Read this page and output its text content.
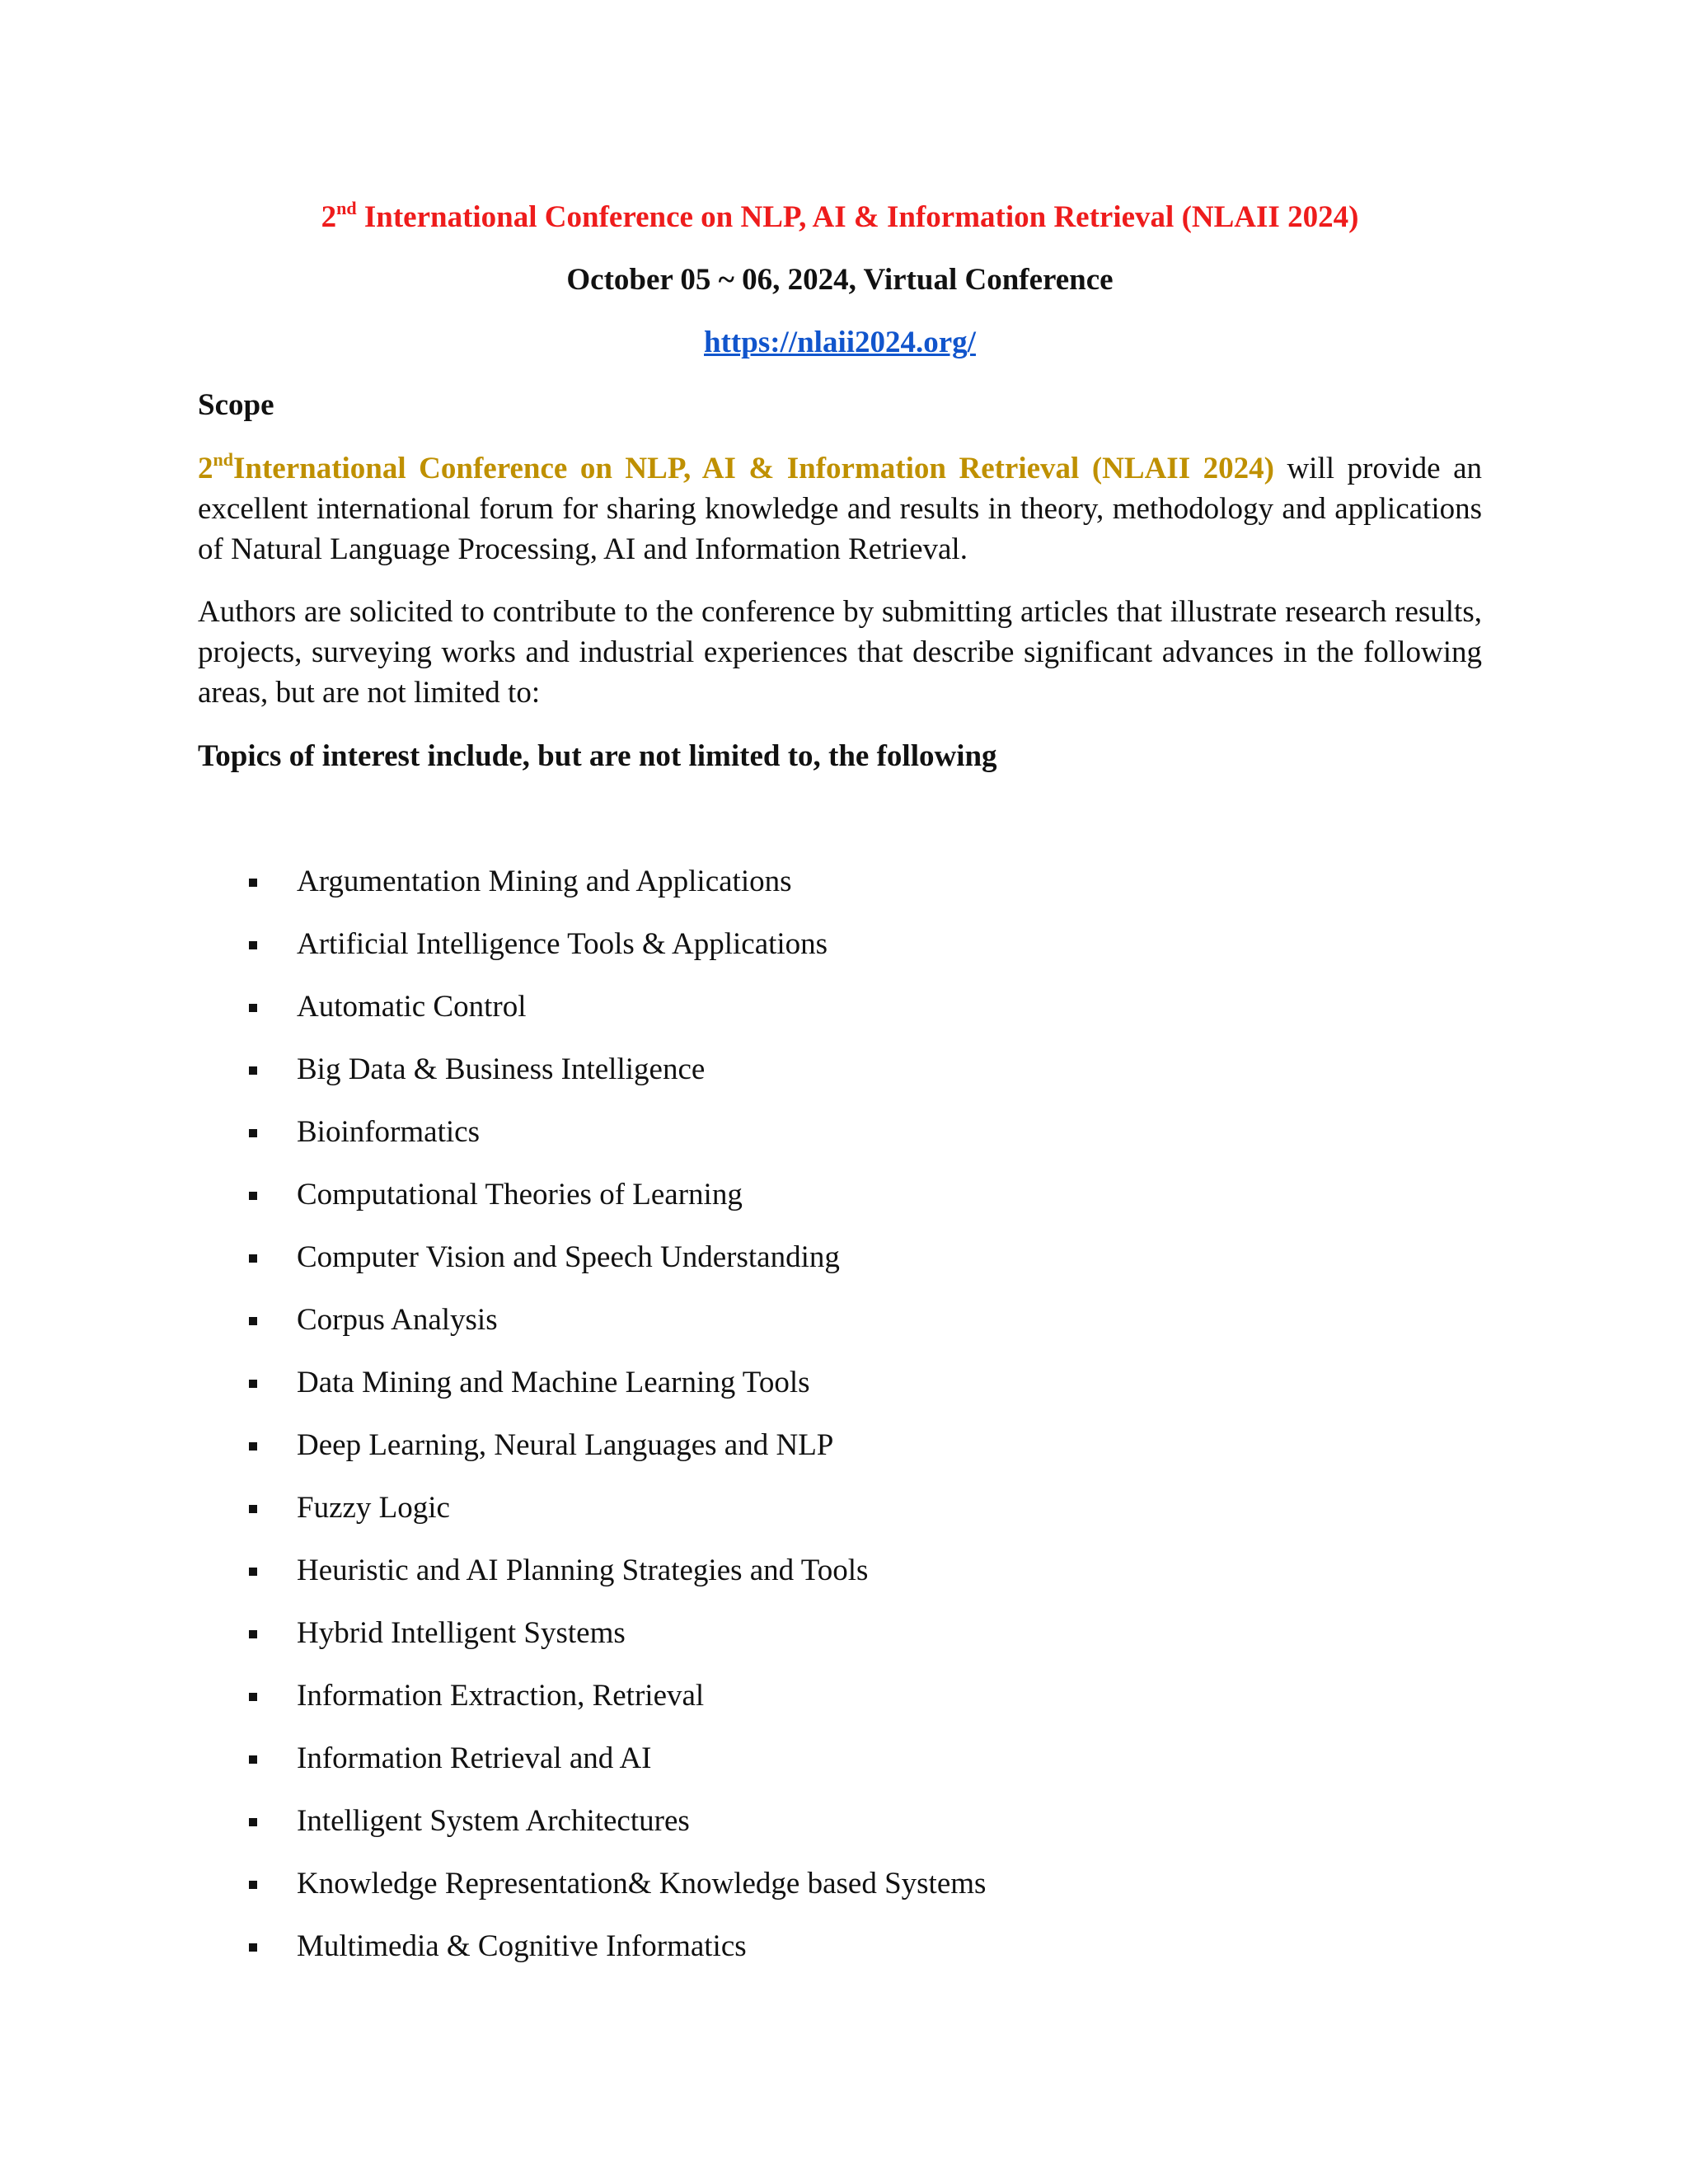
2nd International Conference on NLP, AI & Information Retrieval (NLAII 2024)
October 05 ~ 06, 2024, Virtual Conference
https://nlaii2024.org/
Scope
2ndInternational Conference on NLP, AI & Information Retrieval (NLAII 2024) will provide an excellent international forum for sharing knowledge and results in theory, methodology and applications of Natural Language Processing, AI and Information Retrieval.
Authors are solicited to contribute to the conference by submitting articles that illustrate research results, projects, surveying works and industrial experiences that describe significant advances in the following areas, but are not limited to:
Topics of interest include, but are not limited to, the following
Argumentation Mining and Applications
Artificial Intelligence Tools & Applications
Automatic Control
Big Data & Business Intelligence
Bioinformatics
Computational Theories of Learning
Computer Vision and Speech Understanding
Corpus Analysis
Data Mining and Machine Learning Tools
Deep Learning, Neural Languages and NLP
Fuzzy Logic
Heuristic and AI Planning Strategies and Tools
Hybrid Intelligent Systems
Information Extraction, Retrieval
Information Retrieval and AI
Intelligent System Architectures
Knowledge Representation& Knowledge based Systems
Multimedia & Cognitive Informatics
